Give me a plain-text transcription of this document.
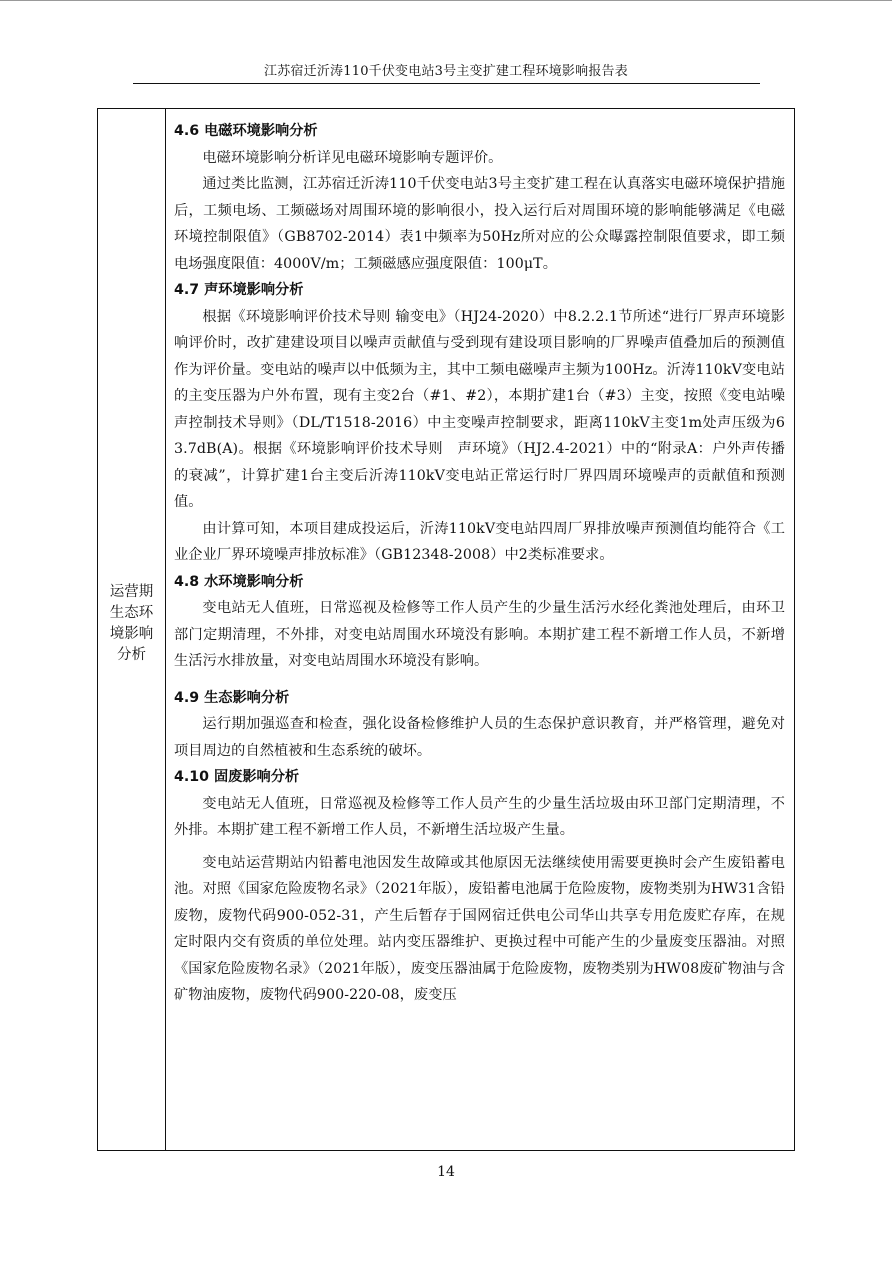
江苏宿迁沂涛110千伏变电站3号主变扩建工程环境影响报告表
运营期
生态环
境影响
分析
4.6 电磁环境影响分析

电磁环境影响分析详见电磁环境影响专题评价。

通过类比监测，江苏宿迁沂涛110千伏变电站3号主变扩建工程在认真落实电磁环境保护措施后，工频电场、工频磁场对周围环境的影响很小，投入运行后对周围环境的影响能够满足《电磁环境控制限值》（GB8702-2014）表1中频率为50Hz所对应的公众曝露控制限值要求，即工频电场强度限值：4000V/m；工频磁感应强度限值：100μT。

4.7 声环境影响分析

根据《环境影响评价技术导则 输变电》（HJ24-2020）中8.2.2.1节所述“进行厂界声环境影响评价时，改扩建建设项目以噪声贡献值与受到现有建设项目影响的厂界噪声值叠加后的预测值作为评价量。变电站的噪声以中低频为主，其中工频电磁噪声主频为100Hz。沂涛110kV变电站的主变压器为户外布置，现有主变2台（#1、#2），本期扩建1台（#3）主变，按照《变电站噪声控制技术导则》（DL/T1518-2016）中主变噪声控制要求，距离110kV主变1m处声压级为63.7dB(A)。根据《环境影响评价技术导则　声环境》（HJ2.4-2021）中的“附录A：户外声传播的衰减”，计算扩建1台主变后沂涛110kV变电站正常运行时厂界四周环境噪声的贡献值和预测值。

由计算可知，本项目建成投运后，沂涛110kV变电站四周厂界排放噪声预测值均能符合《工业企业厂界环境噪声排放标准》（GB12348-2008）中2类标准要求。

4.8 水环境影响分析

变电站无人值班，日常巡视及检修等工作人员产生的少量生活污水经化粪池处理后，由环卫部门定期清理，不外排，对变电站周围水环境没有影响。本期扩建工程不新增工作人员，不新增生活污水排放量，对变电站周围水环境没有影响。

4.9 生态影响分析

运行期加强巡查和检查，强化设备检修维护人员的生态保护意识教育，并严格管理，避免对项目周边的自然植被和生态系统的破坏。

4.10 固废影响分析

变电站无人值班，日常巡视及检修等工作人员产生的少量生活垃圾由环卫部门定期清理，不外排。本期扩建工程不新增工作人员，不新增生活垃圾产生量。

变电站运营期站内铅蓄电池因发生故障或其他原因无法继续使用需要更换时会产生废铅蓄电池。对照《国家危险废物名录》（2021年版），废铅蓄电池属于危险废物，废物类别为HW31含铅废物，废物代码900-052-31，产生后暂存于国网宿迁供电公司华山共享专用危废贮存库，在规定时限内交有资质的单位处理。站内变压器维护、更换过程中可能产生的少量废变压器油。对照《国家危险废物名录》（2021年版），废变压器油属于危险废物，废物类别为HW08废矿物油与含矿物油废物，废物代码900-220-08，废变压

14
